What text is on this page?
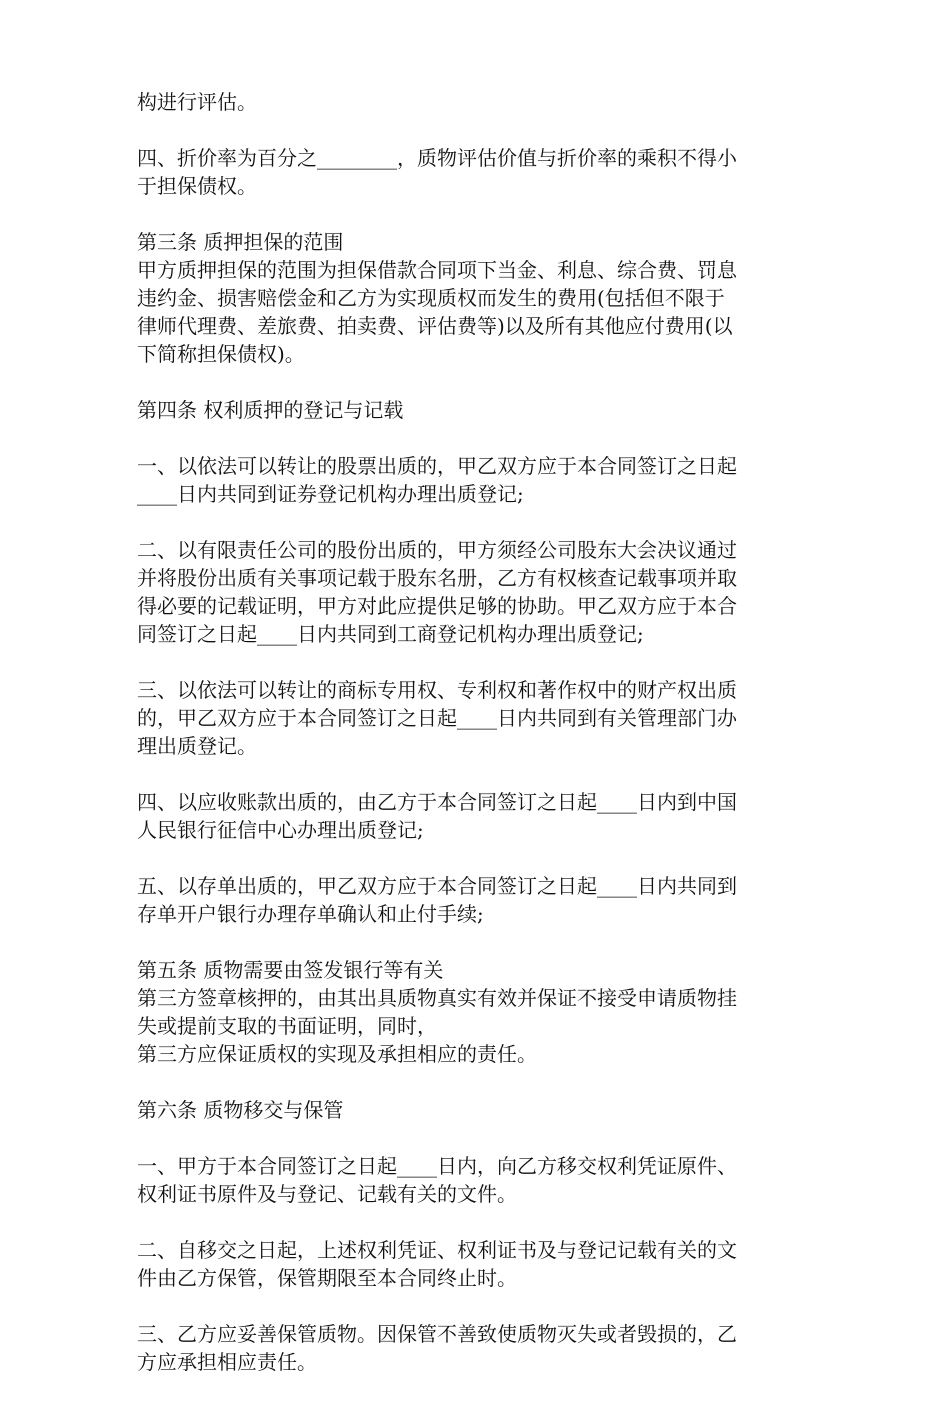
构进行评估。
四、折价率为百分之________，质物评估价值与折价率的乘积不得小
于担保债权。
第三条 质押担保的范围
甲方质押担保的范围为担保借款合同项下当金、利息、综合费、罚息
违约金、损害赔偿金和乙方为实现质权而发生的费用(包括但不限于
律师代理费、差旅费、拍卖费、评估费等)以及所有其他应付费用(以
下简称担保债权)。
第四条 权利质押的登记与记载
一、以依法可以转让的股票出质的，甲乙双方应于本合同签订之日起
____日内共同到证券登记机构办理出质登记;
二、以有限责任公司的股份出质的，甲方须经公司股东大会决议通过
并将股份出质有关事项记载于股东名册，乙方有权核查记载事项并取
得必要的记载证明，甲方对此应提供足够的协助。甲乙双方应于本合
同签订之日起____日内共同到工商登记机构办理出质登记;
三、以依法可以转让的商标专用权、专利权和著作权中的财产权出质
的，甲乙双方应于本合同签订之日起____日内共同到有关管理部门办
理出质登记。
四、以应收账款出质的，由乙方于本合同签订之日起____日内到中国
人民银行征信中心办理出质登记;
五、以存单出质的，甲乙双方应于本合同签订之日起____日内共同到
存单开户银行办理存单确认和止付手续;
第五条 质物需要由签发银行等有关
第三方签章核押的，由其出具质物真实有效并保证不接受申请质物挂
失或提前支取的书面证明，同时，
第三方应保证质权的实现及承担相应的责任。
第六条 质物移交与保管
一、甲方于本合同签订之日起____日内，向乙方移交权利凭证原件、
权利证书原件及与登记、记载有关的文件。
二、自移交之日起，上述权利凭证、权利证书及与登记记载有关的文
件由乙方保管，保管期限至本合同终止时。
三、乙方应妥善保管质物。因保管不善致使质物灭失或者毁损的，乙
方应承担相应责任。
